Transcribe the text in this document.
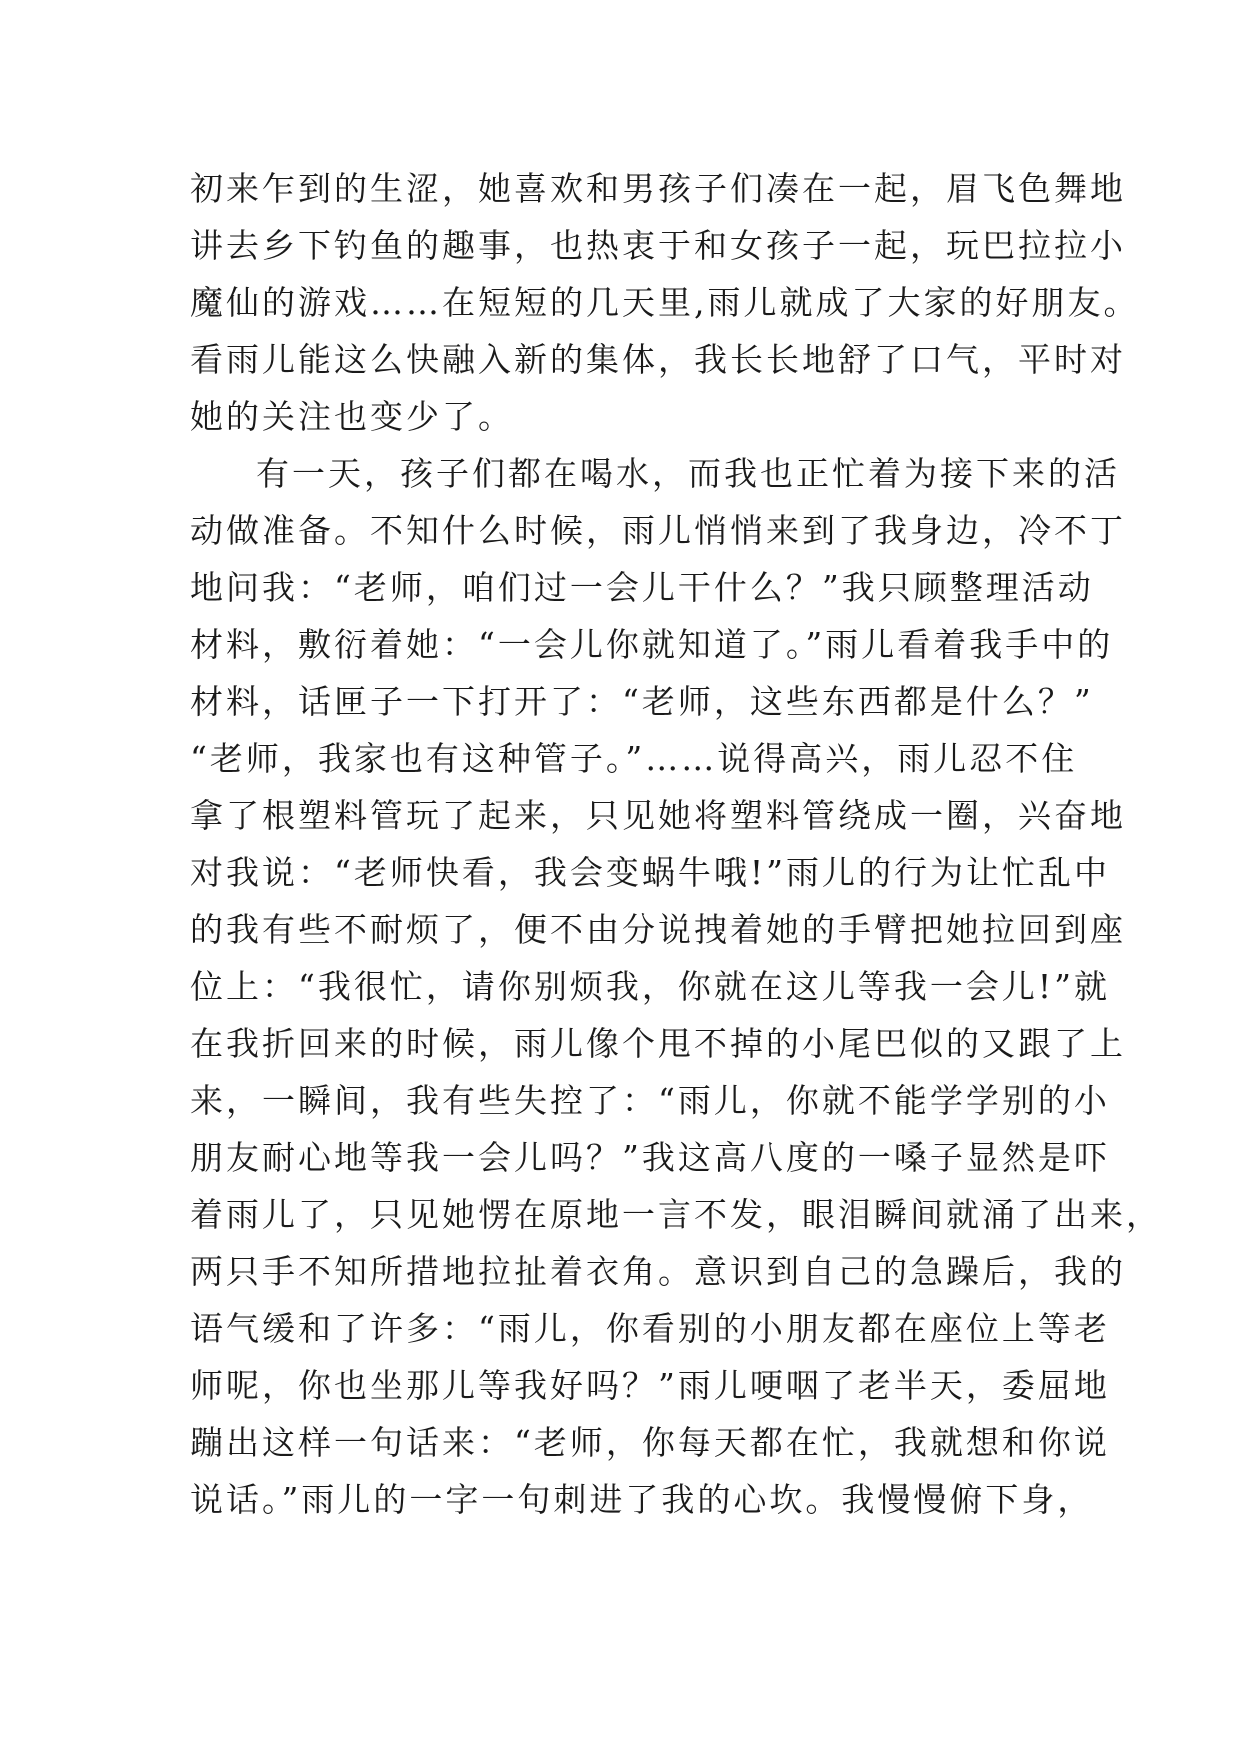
初来乍到的生涩，她喜欢和男孩子们凑在一起，眉飞色舞地
讲去乡下钓鱼的趣事，也热衷于和女孩子一起，玩巴拉拉小
魔仙的游戏……在短短的几天里,雨儿就成了大家的好朋友。
看雨儿能这么快融入新的集体，我长长地舒了口气，平时对
她的关注也变少了。
有一天，孩子们都在喝水，而我也正忙着为接下来的活
动做准备。不知什么时候，雨儿悄悄来到了我身边，冷不丁
地问我：“老师，咱们过一会儿干什么？”我只顾整理活动
材料，敷衍着她：“一会儿你就知道了。”雨儿看着我手中的
材料，话匣子一下打开了：“老师，这些东西都是什么？”
“老师，我家也有这种管子。”……说得高兴，雨儿忍不住
拿了根塑料管玩了起来，只见她将塑料管绕成一圈，兴奋地
对我说：“老师快看，我会变蜗牛哦!”雨儿的行为让忙乱中
的我有些不耐烦了，便不由分说拽着她的手臂把她拉回到座
位上：“我很忙，请你别烦我，你就在这儿等我一会儿!”就
在我折回来的时候，雨儿像个甩不掉的小尾巴似的又跟了上
来，一瞬间，我有些失控了：“雨儿，你就不能学学别的小
朋友耐心地等我一会儿吗？”我这高八度的一嗓子显然是吓
着雨儿了，只见她愣在原地一言不发，眼泪瞬间就涌了出来，
两只手不知所措地拉扯着衣角。意识到自己的急躁后，我的
语气缓和了许多：“雨儿，你看别的小朋友都在座位上等老
师呢，你也坐那儿等我好吗？”雨儿哽咽了老半天，委屈地
蹦出这样一句话来：“老师，你每天都在忙，我就想和你说
说话。”雨儿的一字一句刺进了我的心坎。我慢慢俯下身，
